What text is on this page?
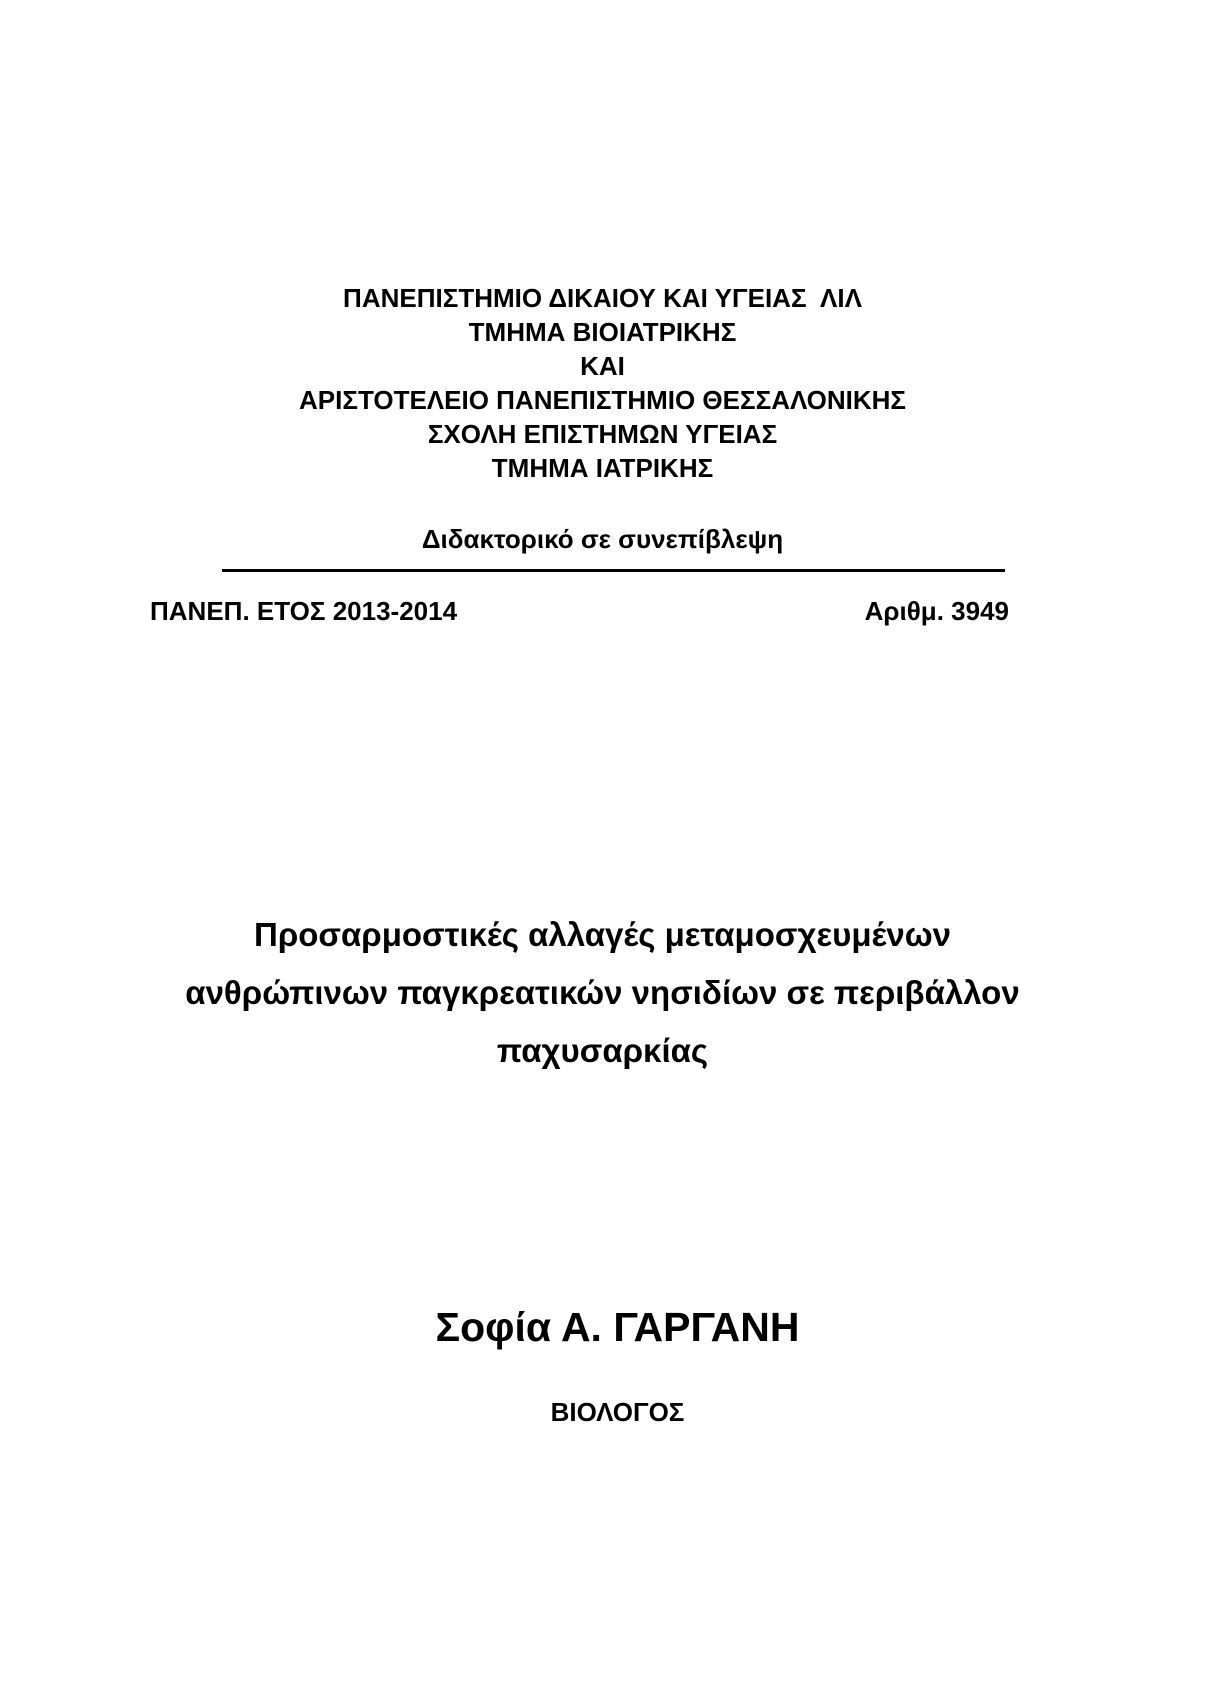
ΠΑΝΕΠΙΣΤΗΜΙΟ ΔΙΚΑΙΟΥ ΚΑΙ ΥΓΕΙΑΣ  ΛΙΛ
ΤΜΗΜΑ ΒΙΟΙΑΤΡΙΚΗΣ
ΚΑΙ
ΑΡΙΣΤΟΤΕΛΕΙΟ ΠΑΝΕΠΙΣΤΗΜΙΟ ΘΕΣΣΑΛΟΝΙΚΗΣ
ΣΧΟΛΗ ΕΠΙΣΤΗΜΩΝ ΥΓΕΙΑΣ
ΤΜΗΜΑ ΙΑΤΡΙΚΗΣ
Διδακτορικό σε συνεπίβλεψη
ΠΑΝΕΠ. ΕΤΟΣ 2013-2014	Αριθμ. 3949
Προσαρμοστικές αλλαγές μεταμοσχευμένων
ανθρώπινων παγκρεατικών νησιδίων σε περιβάλλον
παχυσαρκίας
Σοφία Α. ΓΑΡΓΑΝΗ
ΒΙΟΛΟΓΟΣ
